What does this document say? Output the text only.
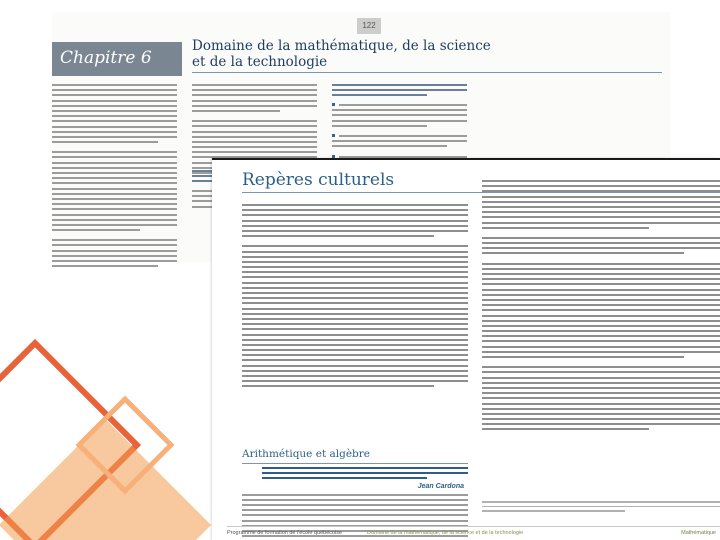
122
Chapitre 6
Domaine de la mathématique, de la science et de la technologie
Repères culturels
Arithmétique et algèbre
Jean Cardona
Programme de formation de l'école québécoise	Domaine de la mathématique, de la science et de la technologie	Mathématique
